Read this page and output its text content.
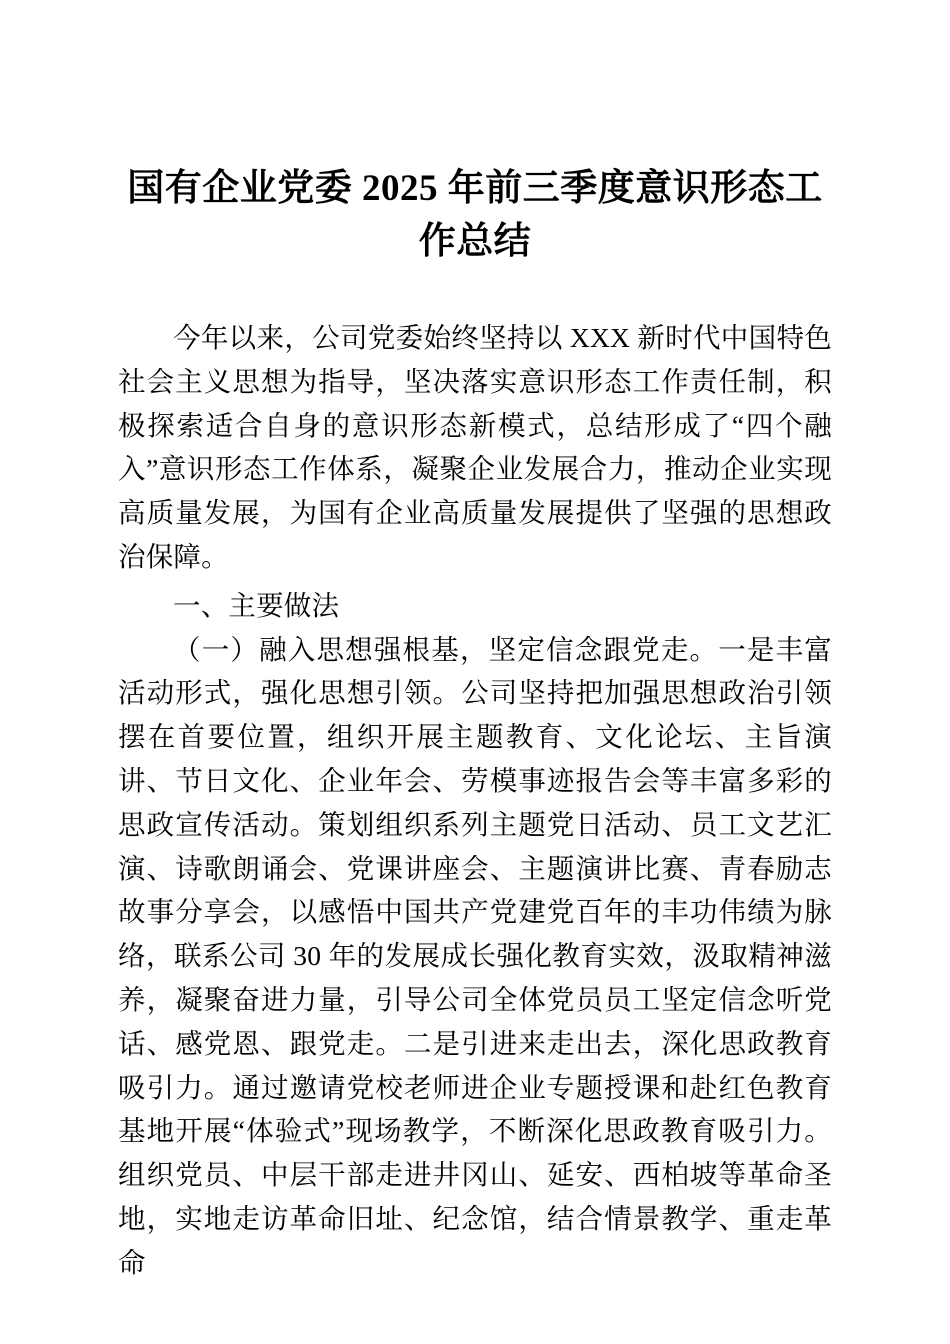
国有企业党委 2025 年前三季度意识形态工作总结

今年以来，公司党委始终坚持以 XXX 新时代中国特色社会主义思想为指导，坚决落实意识形态工作责任制，积极探索适合自身的意识形态新模式，总结形成了“四个融入”意识形态工作体系，凝聚企业发展合力，推动企业实现高质量发展，为国有企业高质量发展提供了坚强的思想政治保障。

一、主要做法

（一）融入思想强根基，坚定信念跟党走。一是丰富活动形式，强化思想引领。公司坚持把加强思想政治引领摆在首要位置，组织开展主题教育、文化论坛、主旨演讲、节日文化、企业年会、劳模事迹报告会等丰富多彩的思政宣传活动。策划组织系列主题党日活动、员工文艺汇演、诗歌朗诵会、党课讲座会、主题演讲比赛、青春励志故事分享会，以感悟中国共产党建党百年的丰功伟绩为脉络，联系公司 30 年的发展成长强化教育实效，汲取精神滋养，凝聚奋进力量，引导公司全体党员员工坚定信念听党话、感党恩、跟党走。二是引进来走出去，深化思政教育吸引力。通过邀请党校老师进企业专题授课和赴红色教育基地开展“体验式”现场教学，不断深化思政教育吸引力。组织党员、中层干部走进井冈山、延安、西柏坡等革命圣地，实地走访革命旧址、纪念馆，结合情景教学、重走革命
